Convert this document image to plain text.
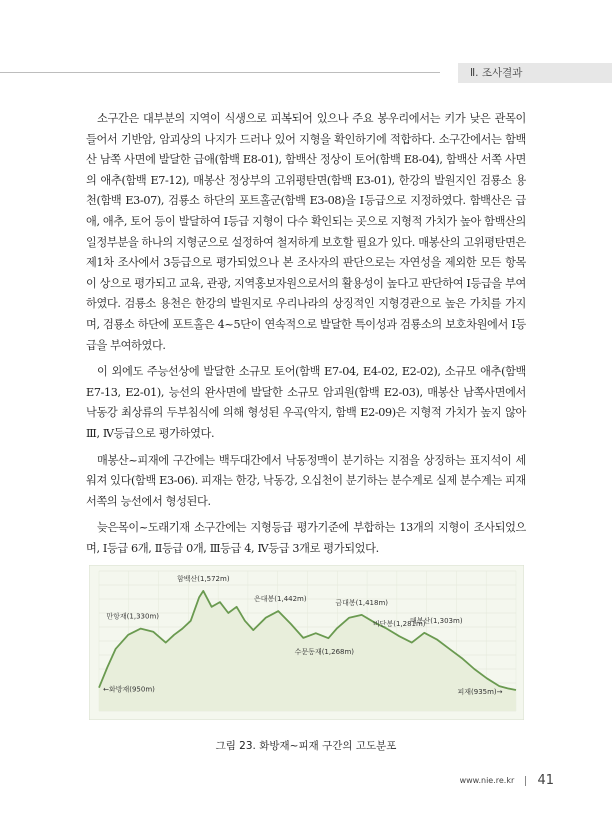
Ⅱ. 조사결과

소구간은 대부분의 지역이 식생으로 피복되어 있으나 주요 봉우리에서는 키가 낮은 관목이 들어서 기반암, 암괴상의 나지가 드러나 있어 지형을 확인하기에 적합하다. 소구간에서는 함백산 남쪽 사면에 발달한 급애(함백 E8-01), 함백산 정상이 토어(함백 E8-04), 함백산 서쪽 사면의 애추(함백 E7-12), 매봉산 정상부의 고위평탄면(함백 E3-01), 한강의 발원지인 검룡소 용천(함백 E3-07), 검룡소 하단의 포트홀군(함백 E3-08)을 Ⅰ등급으로 지정하였다. 함백산은 급애, 애추, 토어 등이 발달하여 Ⅰ등급 지형이 다수 확인되는 곳으로 지형적 가치가 높아 함백산의 일정부분을 하나의 지형군으로 설정하여 철저하게 보호할 필요가 있다. 매봉산의 고위평탄면은 제1차 조사에서 3등급으로 평가되었으나 본 조사자의 판단으로는 자연성을 제외한 모든 항목이 상으로 평가되고 교육, 관광, 지역홍보자원으로서의 활용성이 높다고 판단하여 Ⅰ등급을 부여하였다. 검룡소 용천은 한강의 발원지로 우리나라의 상징적인 지형경관으로 높은 가치를 가지며, 검룡소 하단에 포트홀은 4~5단이 연속적으로 발달한 특이성과 검룡소의 보호차원에서 Ⅰ등급을 부여하였다.

이 외에도 주능선상에 발달한 소규모 토어(함백 E7-04, E4-02, E2-02), 소규모 애추(함백 E7-13, E2-01), 능선의 완사면에 발달한 소규모 암괴원(함백 E2-03), 매봉산 남쪽사면에서 낙동강 최상류의 두부침식에 의해 형성된 우곡(악지, 함백 E2-09)은 지형적 가치가 높지 않아 Ⅲ, Ⅳ등급으로 평가하였다.

매봉산~피재에 구간에는 백두대간에서 낙동정맥이 분기하는 지점을 상징하는 표지석이 세워져 있다(함백 E3-06). 피재는 한강, 낙동강, 오십천이 분기하는 분수계로 실제 분수계는 피재서쪽의 능선에서 형성된다.

늦은목이~도래기재 소구간에는 지형등급 평가기준에 부합하는 13개의 지형이 조사되었으며, Ⅰ등급 6개, Ⅱ등급 0개, Ⅲ등급 4, Ⅳ등급 3개로 평가되었다.

함백산(1,572m)
만항재(1,330m)
은대봉(1,442m)	금대봉(1,418m)
수문동재(1,268m)
비단봉(1,281m)
매봉산(1,303m)
←화방재(950m)	피재(935m)→
그림 23. 화방재~피재 구간의 고도분포
www.nie.re.kr 41
